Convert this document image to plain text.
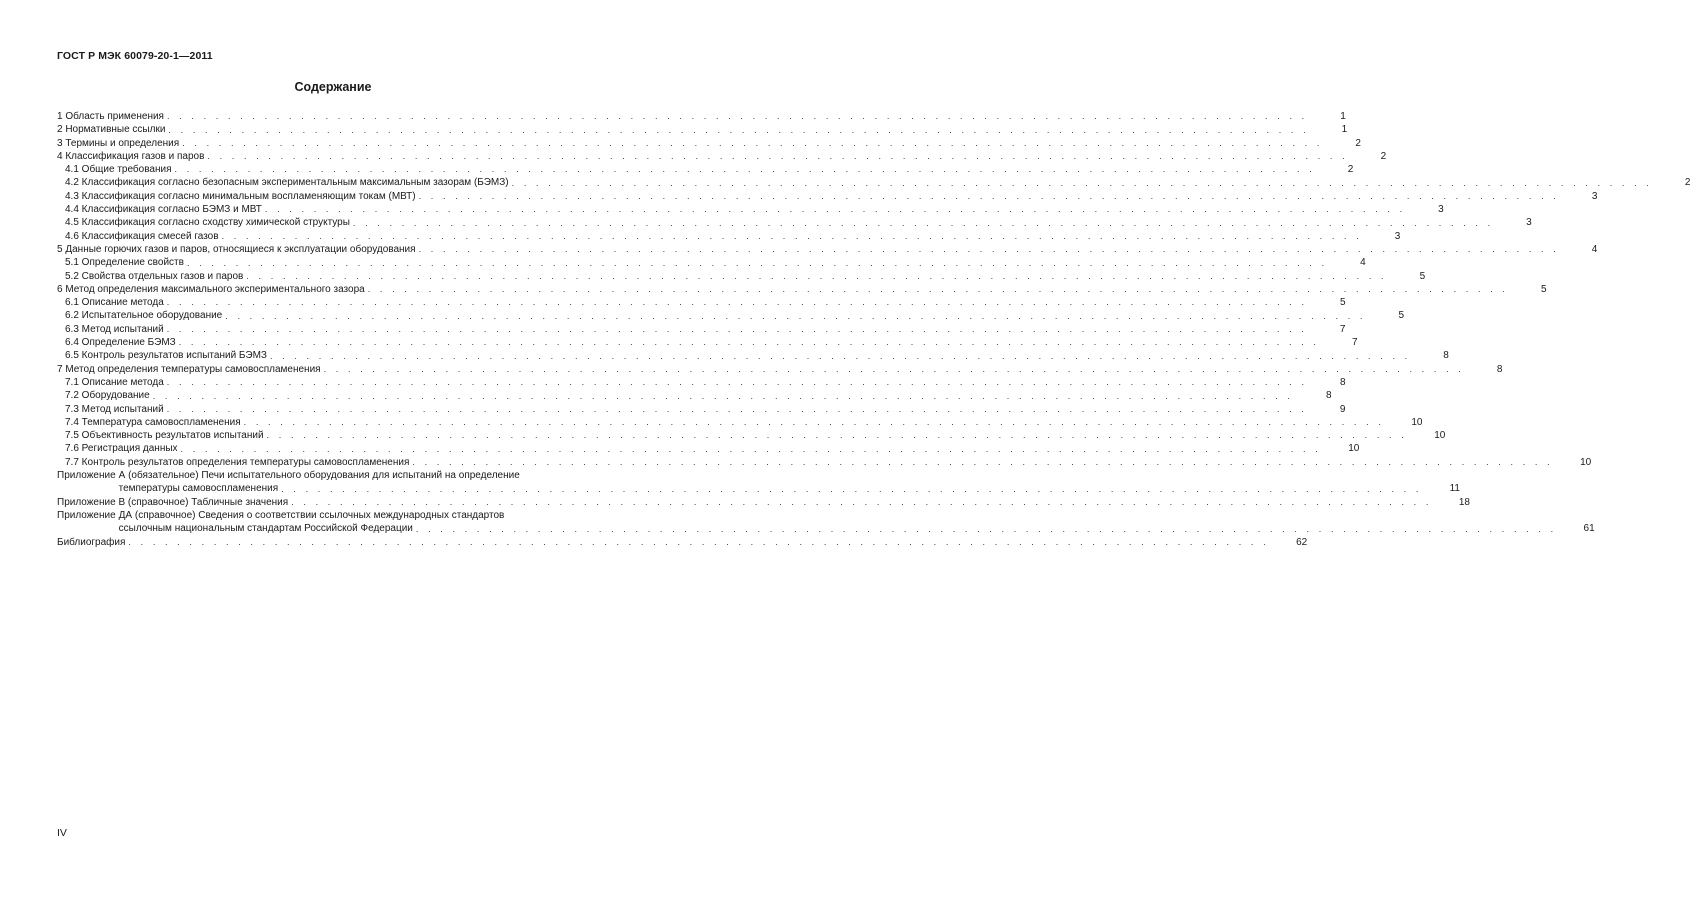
ГОСТ Р МЭК 60079-20-1—2011
Содержание
1 Область применения . . . . . . . . . . . . . . . . . . . . . . . . . . . . . . . . . . . . . . . . . . . . . . . . . . . . . . . . . . . . . . . . . . . . . . . . . . . . . . . . . . . . . . . . . . . . . .	1
2 Нормативные ссылки . . . . . . . . . . . . . . . . . . . . . . . . . . . . . . . . . . . . . . . . . . . . . . . . . . . . . . . . . . . . . . . . . . . . . . . . . . . . . . . . . . . . . . . . . . . . . .	1
3 Термины и определения . . . . . . . . . . . . . . . . . . . . . . . . . . . . . . . . . . . . . . . . . . . . . . . . . . . . . . . . . . . . . . . . . . . . . . . . . . . . . . . . . . . . . . . . . . . . . .	2
4 Классификация газов и паров . . . . . . . . . . . . . . . . . . . . . . . . . . . . . . . . . . . . . . . . . . . . . . . . . . . . . . . . . . . . . . . . . . . . . . . . . . . . . . . . . . . . . . . . . . . . . .	2
4.1 Общие требования . . . . . . . . . . . . . . . . . . . . . . . . . . . . . . . . . . . . . . . . . . . . . . . . . . . . . . . . . . . . . . . . . . . . . . . . . . . . . . . . . . . . . . . . . . . . . .	2
4.2 Классификация согласно безопасным экспериментальным максимальным зазорам (БЭМЗ) . . . . . . . . . . . . . . . . . . . . . . . . . . . . . . . . . . . . . . . . . . . . . . . . . . . . . . . . . . . . . . . . . . . . . . . . . . . . . . . . . . . . . . . . . . . . . .	2
4.3 Классификация согласно минимальным воспламеняющим токам (МВТ) . . . . . . . . . . . . . . . . . . . . . . . . . . . . . . . . . . . . . . . . . . . . . . . . . . . . . . . . . . . . . . . . . . . . . . . . . . . . . . . . . . . . . . . . . . . . . .	3
4.4 Классификация согласно БЭМЗ и МВТ . . . . . . . . . . . . . . . . . . . . . . . . . . . . . . . . . . . . . . . . . . . . . . . . . . . . . . . . . . . . . . . . . . . . . . . . . . . . . . . . . . . . . . . . . . . . . .	3
4.5 Классификация согласно сходству химической структуры . . . . . . . . . . . . . . . . . . . . . . . . . . . . . . . . . . . . . . . . . . . . . . . . . . . . . . . . . . . . . . . . . . . . . . . . . . . . . . . . . . . . . . . . . . . . . .	3
4.6 Классификация смесей газов . . . . . . . . . . . . . . . . . . . . . . . . . . . . . . . . . . . . . . . . . . . . . . . . . . . . . . . . . . . . . . . . . . . . . . . . . . . . . . . . . . . . . . . . . . . . . .	3
5 Данные горючих газов и паров, относящиеся к эксплуатации оборудования . . . . . . . . . . . . . . . . . . . . . . . . . . . . . . . . . . . . . . . . . . . . . . . . . . . . . . . . . . . . . . . . . . . . . . . . . . . . . . . . . . . . . . . . . . . . . .	4
5.1 Определение свойств . . . . . . . . . . . . . . . . . . . . . . . . . . . . . . . . . . . . . . . . . . . . . . . . . . . . . . . . . . . . . . . . . . . . . . . . . . . . . . . . . . . . . . . . . . . . . .	4
5.2 Свойства отдельных газов и паров . . . . . . . . . . . . . . . . . . . . . . . . . . . . . . . . . . . . . . . . . . . . . . . . . . . . . . . . . . . . . . . . . . . . . . . . . . . . . . . . . . . . . . . . . . . . . .	5
6 Метод определения максимального экспериментального зазора . . . . . . . . . . . . . . . . . . . . . . . . . . . . . . . . . . . . . . . . . . . . . . . . . . . . . . . . . . . . . . . . . . . . . . . . . . . . . . . . . . . . . . . . . . . . . .	5
6.1 Описание метода . . . . . . . . . . . . . . . . . . . . . . . . . . . . . . . . . . . . . . . . . . . . . . . . . . . . . . . . . . . . . . . . . . . . . . . . . . . . . . . . . . . . . . . . . . . . . .	5
6.2 Испытательное оборудование . . . . . . . . . . . . . . . . . . . . . . . . . . . . . . . . . . . . . . . . . . . . . . . . . . . . . . . . . . . . . . . . . . . . . . . . . . . . . . . . . . . . . . . . . . . . . .	5
6.3 Метод испытаний . . . . . . . . . . . . . . . . . . . . . . . . . . . . . . . . . . . . . . . . . . . . . . . . . . . . . . . . . . . . . . . . . . . . . . . . . . . . . . . . . . . . . . . . . . . . . .	7
6.4 Определение БЭМЗ . . . . . . . . . . . . . . . . . . . . . . . . . . . . . . . . . . . . . . . . . . . . . . . . . . . . . . . . . . . . . . . . . . . . . . . . . . . . . . . . . . . . . . . . . . . . . .	7
6.5 Контроль результатов испытаний БЭМЗ . . . . . . . . . . . . . . . . . . . . . . . . . . . . . . . . . . . . . . . . . . . . . . . . . . . . . . . . . . . . . . . . . . . . . . . . . . . . . . . . . . . . . . . . . . . . . .	8
7 Метод определения температуры самовоспламенения . . . . . . . . . . . . . . . . . . . . . . . . . . . . . . . . . . . . . . . . . . . . . . . . . . . . . . . . . . . . . . . . . . . . . . . . . . . . . . . . . . . . . . . . . . . . . .	8
7.1 Описание метода . . . . . . . . . . . . . . . . . . . . . . . . . . . . . . . . . . . . . . . . . . . . . . . . . . . . . . . . . . . . . . . . . . . . . . . . . . . . . . . . . . . . . . . . . . . . . .	8
7.2 Оборудование . . . . . . . . . . . . . . . . . . . . . . . . . . . . . . . . . . . . . . . . . . . . . . . . . . . . . . . . . . . . . . . . . . . . . . . . . . . . . . . . . . . . . . . . . . . . . .	8
7.3 Метод испытаний . . . . . . . . . . . . . . . . . . . . . . . . . . . . . . . . . . . . . . . . . . . . . . . . . . . . . . . . . . . . . . . . . . . . . . . . . . . . . . . . . . . . . . . . . . . . . .	9
7.4 Температура самовоспламенения . . . . . . . . . . . . . . . . . . . . . . . . . . . . . . . . . . . . . . . . . . . . . . . . . . . . . . . . . . . . . . . . . . . . . . . . . . . . . . . . . . . . . . . . . . . . . .	10
7.5 Объективность результатов испытаний . . . . . . . . . . . . . . . . . . . . . . . . . . . . . . . . . . . . . . . . . . . . . . . . . . . . . . . . . . . . . . . . . . . . . . . . . . . . . . . . . . . . . . . . . . . . . .	10
7.6 Регистрация данных . . . . . . . . . . . . . . . . . . . . . . . . . . . . . . . . . . . . . . . . . . . . . . . . . . . . . . . . . . . . . . . . . . . . . . . . . . . . . . . . . . . . . . . . . . . . . .	10
7.7 Контроль результатов определения температуры самовоспламенения . . . . . . . . . . . . . . . . . . . . . . . . . . . . . . . . . . . . . . . . . . . . . . . . . . . . . . . . . . . . . . . . . . . . . . . . . . . . . . . . . . . . . . . . . . . . . .	10
Приложение А (обязательное) Печи испытательного оборудования для испытаний на определение
температуры самовоспламенения . . . . . . . . . . . . . . . . . . . . . . . . . . . . . . . . . . . . . . . . . . . . . . . . . . . . . . . . . . . . . . . . . . . . . . . . . . . . . . . . . . . . . . . . . . . . . .	11
Приложение В (справочное) Табличные значения . . . . . . . . . . . . . . . . . . . . . . . . . . . . . . . . . . . . . . . . . . . . . . . . . . . . . . . . . . . . . . . . . . . . . . . . . . . . . . . . . . . . . . . . . . . . . .	18
Приложение ДА (справочное) Сведения о соответствии ссылочных международных стандартов
ссылочным национальным стандартам Российской Федерации . . . . . . . . . . . . . . . . . . . . . . . . . . . . . . . . . . . . . . . . . . . . . . . . . . . . . . . . . . . . . . . . . . . . . . . . . . . . . . . . . . . . . . . . . . . . . .	61
Библиография . . . . . . . . . . . . . . . . . . . . . . . . . . . . . . . . . . . . . . . . . . . . . . . . . . . . . . . . . . . . . . . . . . . . . . . . . . . . . . . . . . . . . . . . . . . . . .	62
IV
